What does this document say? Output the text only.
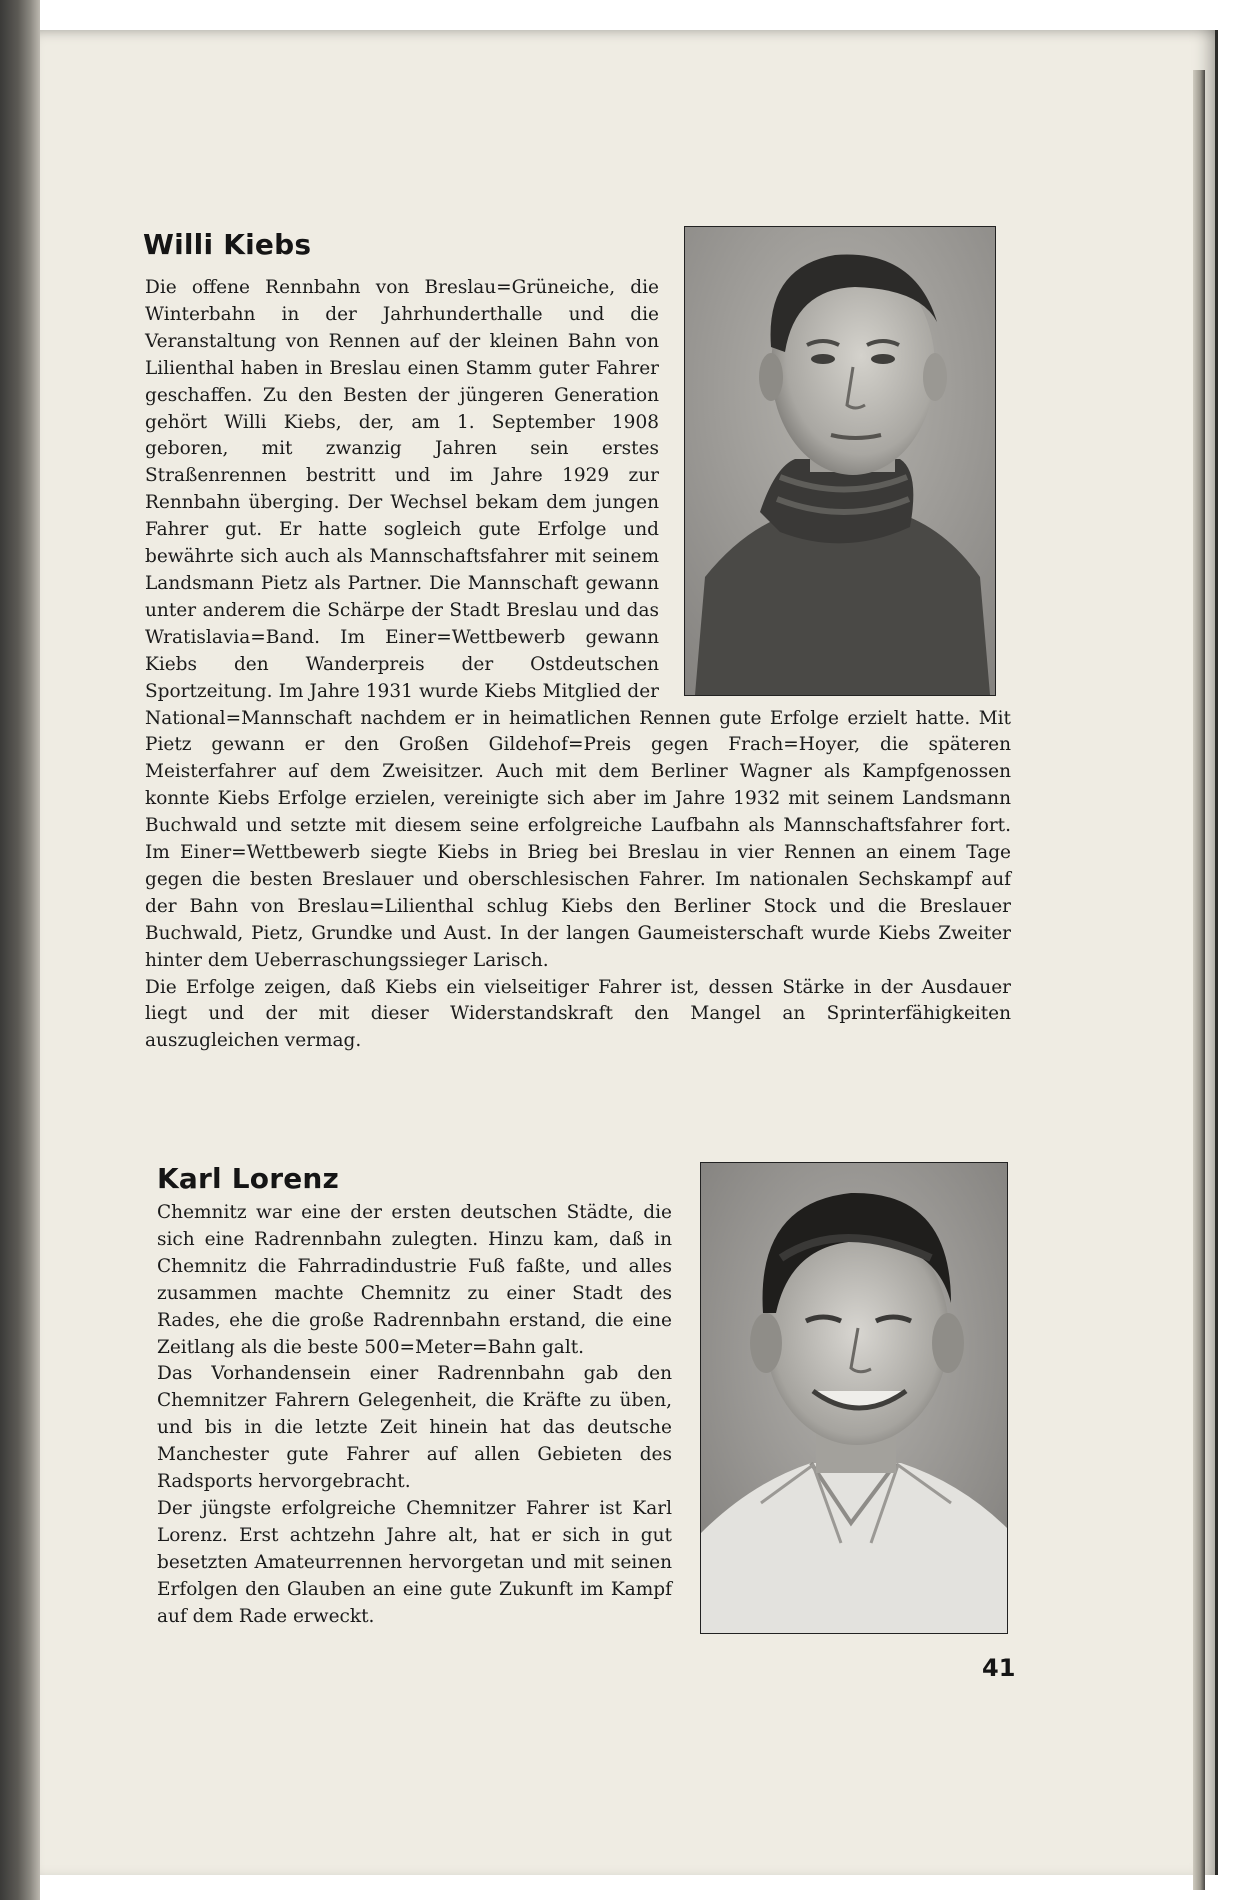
Willi Kiebs

Die offene Rennbahn von Breslau=Grüneiche, die Winterbahn in der Jahrhunderthalle und die Veranstaltung von Rennen auf der kleinen Bahn von Lilienthal haben in Breslau einen Stamm guter Fahrer geschaffen. Zu den Besten der jüngeren Generation gehört Willi Kiebs, der, am 1. September 1908 geboren, mit zwanzig Jahren sein erstes Straßenrennen bestritt und im Jahre 1929 zur Rennbahn überging. Der Wechsel bekam dem jungen Fahrer gut. Er hatte sogleich gute Erfolge und bewährte sich auch als Mannschaftsfahrer mit seinem Landsmann Pietz als Partner. Die Mannschaft gewann unter anderem die Schärpe der Stadt Breslau und das Wratislavia=Band. Im Einer=Wettbewerb gewann Kiebs den Wanderpreis der Ostdeutschen Sportzeitung. Im Jahre 1931 wurde Kiebs Mitglied der National=Mannschaft nachdem er in heimatlichen Rennen gute Erfolge erzielt hatte. Mit Pietz gewann er den Großen Gildehof=Preis gegen Frach=Hoyer, die späteren Meisterfahrer auf dem Zweisitzer. Auch mit dem Berliner Wagner als Kampfgenossen konnte Kiebs Erfolge erzielen, vereinigte sich aber im Jahre 1932 mit seinem Landsmann Buchwald und setzte mit diesem seine erfolgreiche Laufbahn als Mannschaftsfahrer fort. Im Einer=Wettbewerb siegte Kiebs in Brieg bei Breslau in vier Rennen an einem Tage gegen die besten Breslauer und oberschlesischen Fahrer. Im nationalen Sechskampf auf der Bahn von Breslau=Lilienthal schlug Kiebs den Berliner Stock und die Breslauer Buchwald, Pietz, Grundke und Aust. In der langen Gaumeisterschaft wurde Kiebs Zweiter hinter dem Ueberraschungssieger Larisch.

Die Erfolge zeigen, daß Kiebs ein vielseitiger Fahrer ist, dessen Stärke in der Ausdauer liegt und der mit dieser Widerstandskraft den Mangel an Sprinterfähigkeiten auszugleichen vermag.

Karl Lorenz

Chemnitz war eine der ersten deutschen Städte, die sich eine Radrennbahn zulegten. Hinzu kam, daß in Chemnitz die Fahrradindustrie Fuß faßte, und alles zusammen machte Chemnitz zu einer Stadt des Rades, ehe die große Radrennbahn erstand, die eine Zeitlang als die beste 500=Meter=Bahn galt.

Das Vorhandensein einer Radrennbahn gab den Chemnitzer Fahrern Gelegenheit, die Kräfte zu üben, und bis in die letzte Zeit hinein hat das deutsche Manchester gute Fahrer auf allen Gebieten des Radsports hervorgebracht.

Der jüngste erfolgreiche Chemnitzer Fahrer ist Karl Lorenz. Erst achtzehn Jahre alt, hat er sich in gut besetzten Amateurrennen hervorgetan und mit seinen Erfolgen den Glauben an eine gute Zukunft im Kampf auf dem Rade erweckt.

41
